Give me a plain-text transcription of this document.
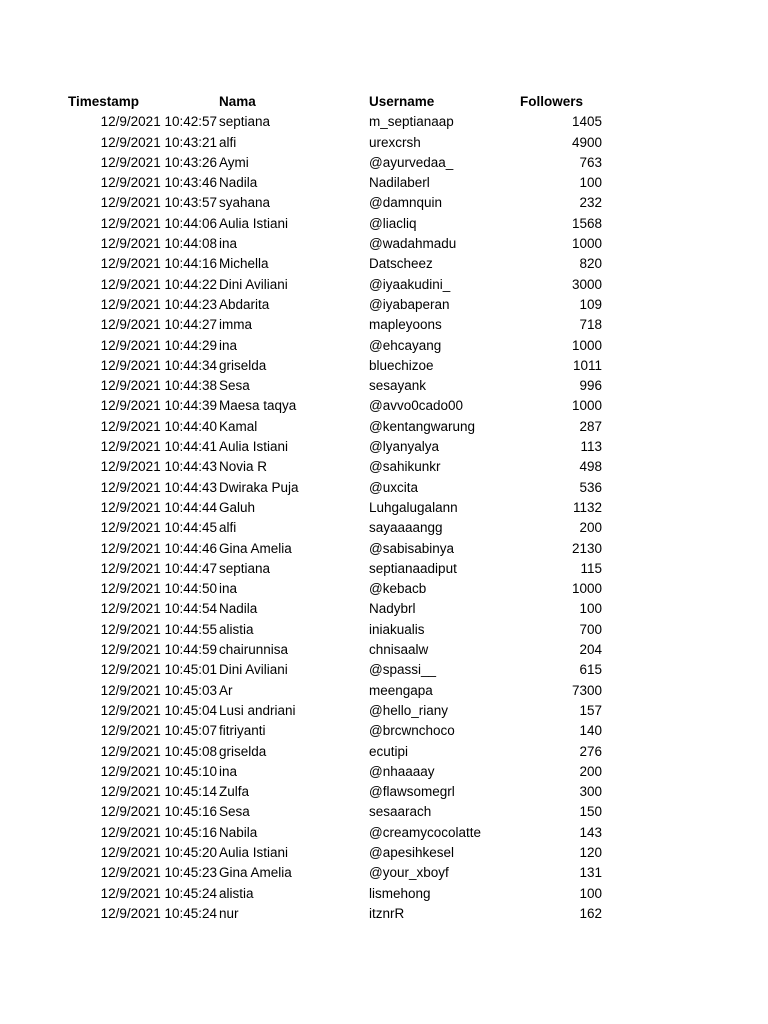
Timestamp	Nama	Username	Followers
12/9/2021 10:42:57 septiana	m_septianaap	1405
12/9/2021 10:43:21 alfi	urexcrsh	4900
12/9/2021 10:43:26 Aymi	@ayurvedaa_	763
12/9/2021 10:43:46 Nadila	Nadilaberl	100
12/9/2021 10:43:57 syahana	@damnquin	232
12/9/2021 10:44:06 Aulia Istiani	@liacliq	1568
12/9/2021 10:44:08 ina	@wadahmadu	1000
12/9/2021 10:44:16 Michella	Datscheez	820
12/9/2021 10:44:22 Dini Aviliani	@iyaakudini_	3000
12/9/2021 10:44:23 Abdarita	@iyabaperan	109
12/9/2021 10:44:27 imma	mapleyoons	718
12/9/2021 10:44:29 ina	@ehcayang	1000
12/9/2021 10:44:34 griselda	bluechizoe	1011
12/9/2021 10:44:38 Sesa	sesayank	996
12/9/2021 10:44:39 Maesa taqya	@avvo0cado00	1000
12/9/2021 10:44:40 Kamal	@kentangwarung	287
12/9/2021 10:44:41 Aulia Istiani	@lyanyalya	113
12/9/2021 10:44:43 Novia R	@sahikunkr	498
12/9/2021 10:44:43 Dwiraka Puja	@uxcita	536
12/9/2021 10:44:44 Galuh	Luhgalugalann	1132
12/9/2021 10:44:45 alfi	sayaaaangg	200
12/9/2021 10:44:46 Gina Amelia	@sabisabinya	2130
12/9/2021 10:44:47 septiana	septianaadiput	115
12/9/2021 10:44:50 ina	@kebacb	1000
12/9/2021 10:44:54 Nadila	Nadybrl	100
12/9/2021 10:44:55 alistia	iniakualis	700
12/9/2021 10:44:59 chairunnisa	chnisaalw	204
12/9/2021 10:45:01 Dini Aviliani	@spassi__	615
12/9/2021 10:45:03 Ar	meengapa	7300
12/9/2021 10:45:04 Lusi andriani	@hello_riany	157
12/9/2021 10:45:07 fitriyanti	@brcwnchoco	140
12/9/2021 10:45:08 griselda	ecutipi	276
12/9/2021 10:45:10 ina	@nhaaaay	200
12/9/2021 10:45:14 Zulfa	@flawsomegrl	300
12/9/2021 10:45:16 Sesa	sesaarach	150
12/9/2021 10:45:16 Nabila	@creamycocolatte	143
12/9/2021 10:45:20 Aulia Istiani	@apesihkesel	120
12/9/2021 10:45:23 Gina Amelia	@your_xboyf	131
12/9/2021 10:45:24 alistia	lismehong	100
12/9/2021 10:45:24 nur	itznrR	162
